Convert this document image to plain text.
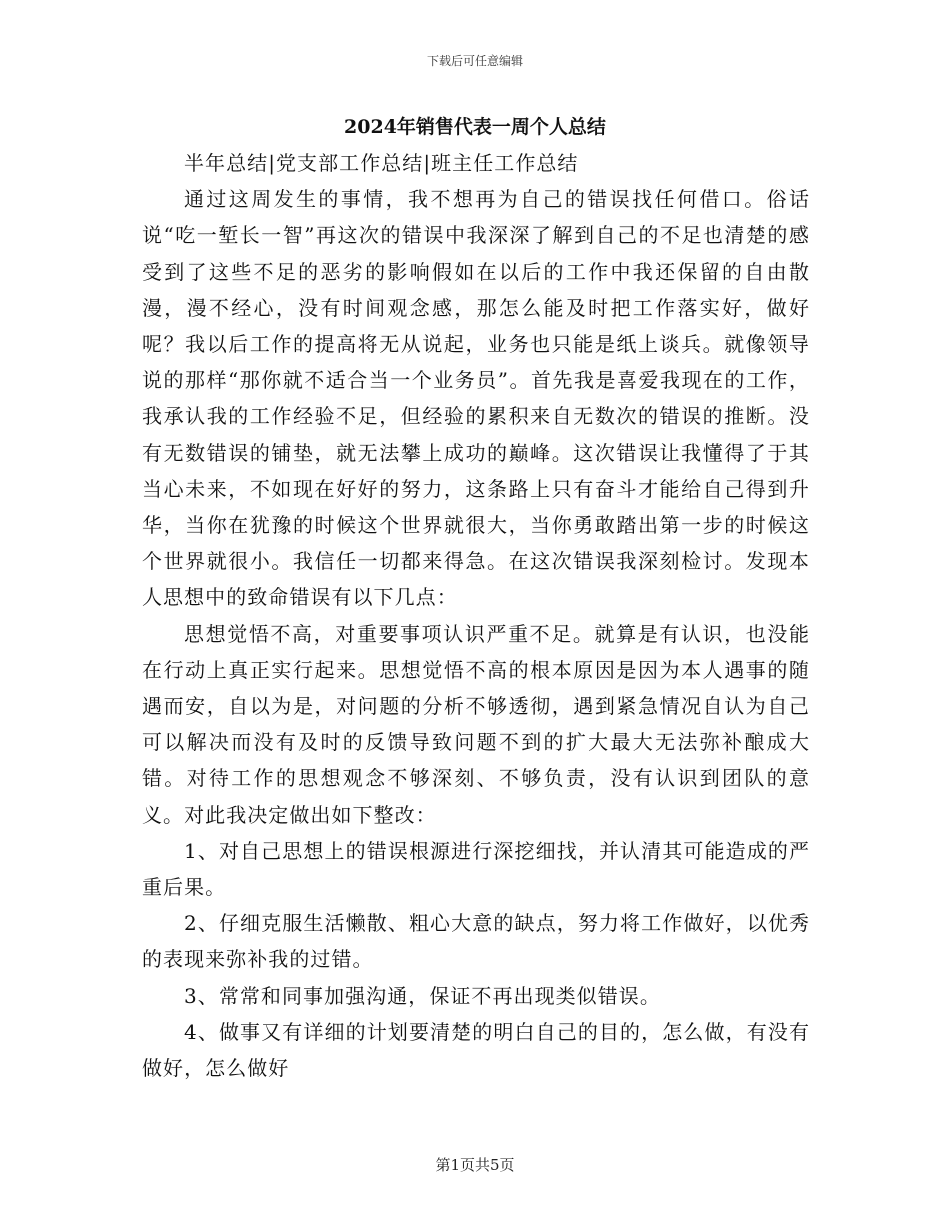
下载后可任意编辑
2024年销售代表一周个人总结

半年总结|党支部工作总结|班主任工作总结

通过这周发生的事情，我不想再为自己的错误找任何借口。俗话说“吃一堑长一智”再这次的错误中我深深了解到自己的不足也清楚的感受到了这些不足的恶劣的影响假如在以后的工作中我还保留的自由散漫，漫不经心，没有时间观念感，那怎么能及时把工作落实好，做好呢？我以后工作的提高将无从说起，业务也只能是纸上谈兵。就像领导说的那样“那你就不适合当一个业务员”。首先我是喜爱我现在的工作，我承认我的工作经验不足，但经验的累积来自无数次的错误的推断。没有无数错误的铺垫，就无法攀上成功的巅峰。这次错误让我懂得了于其当心未来，不如现在好好的努力，这条路上只有奋斗才能给自己得到升华，当你在犹豫的时候这个世界就很大，当你勇敢踏出第一步的时候这个世界就很小。我信任一切都来得急。在这次错误我深刻检讨。发现本人思想中的致命错误有以下几点：

思想觉悟不高，对重要事项认识严重不足。就算是有认识，也没能在行动上真正实行起来。思想觉悟不高的根本原因是因为本人遇事的随遇而安，自以为是，对问题的分析不够透彻，遇到紧急情况自认为自己可以解决而没有及时的反馈导致问题不到的扩大最大无法弥补酿成大错。对待工作的思想观念不够深刻、不够负责，没有认识到团队的意义。对此我决定做出如下整改：

1、对自己思想上的错误根源进行深挖细找，并认清其可能造成的严重后果。

2、仔细克服生活懒散、粗心大意的缺点，努力将工作做好，以优秀的表现来弥补我的过错。

3、常常和同事加强沟通，保证不再出现类似错误。

4、做事又有详细的计划要清楚的明白自己的目的，怎么做，有没有做好，怎么做好

第1页共5页
